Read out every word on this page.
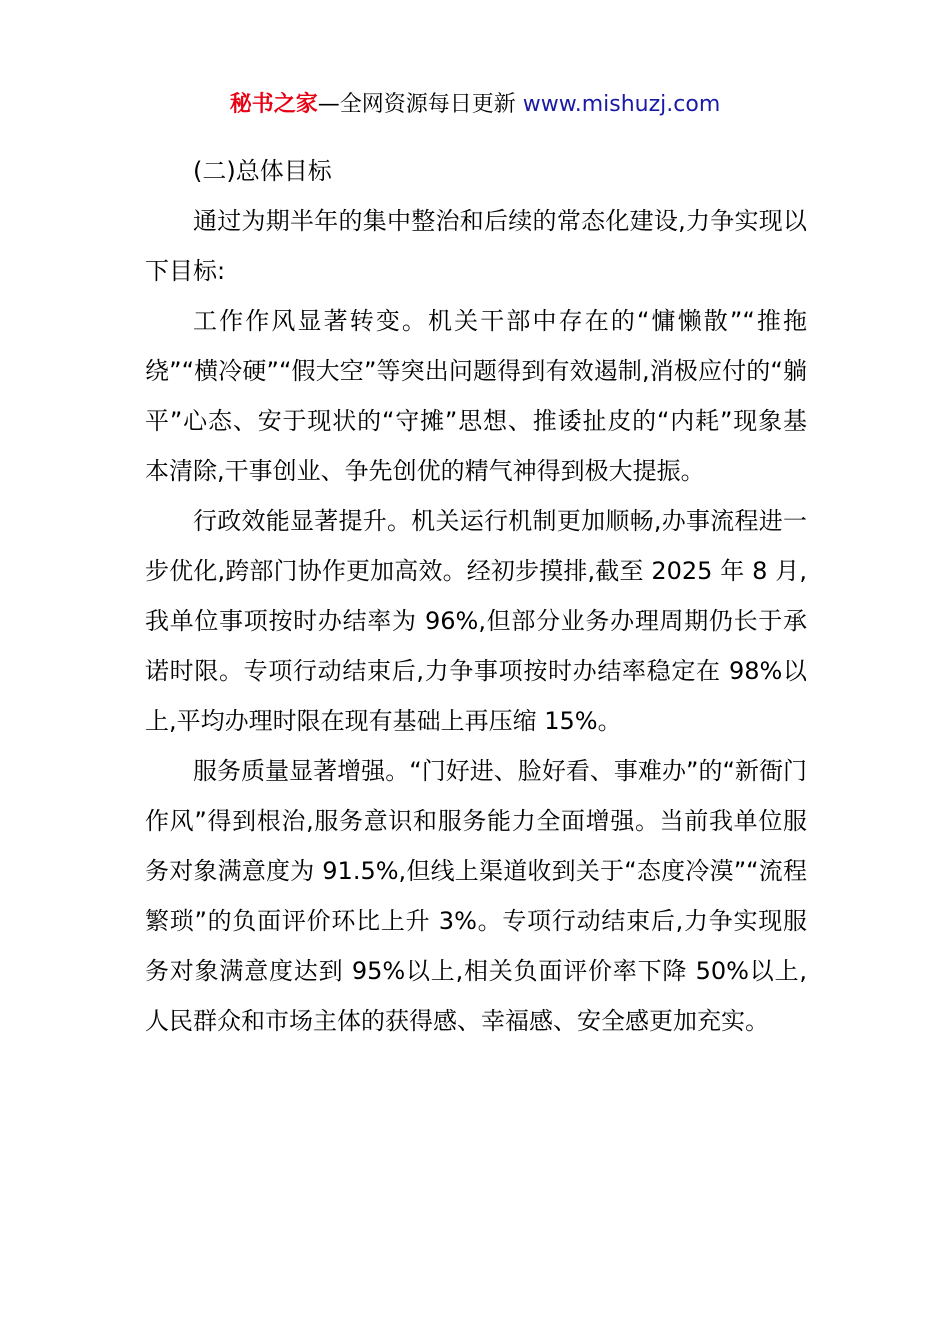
秘书之家—全网资源每日更新 www.mishuzj.com

(二)总体目标

通过为期半年的集中整治和后续的常态化建设,力争实现以下目标:

工作作风显著转变。机关干部中存在的“慵懒散”“推拖绕”“横冷硬”“假大空”等突出问题得到有效遏制,消极应付的“躺平”心态、安于现状的“守摊”思想、推诿扯皮的“内耗”现象基本清除,干事创业、争先创优的精气神得到极大提振。

行政效能显著提升。机关运行机制更加顺畅,办事流程进一步优化,跨部门协作更加高效。经初步摸排,截至 2025 年 8 月,我单位事项按时办结率为 96%,但部分业务办理周期仍长于承诺时限。专项行动结束后,力争事项按时办结率稳定在 98%以上,平均办理时限在现有基础上再压缩 15%。

服务质量显著增强。“门好进、脸好看、事难办”的“新衙门作风”得到根治,服务意识和服务能力全面增强。当前我单位服务对象满意度为 91.5%,但线上渠道收到关于“态度冷漠”“流程繁琐”的负面评价环比上升 3%。专项行动结束后,力争实现服务对象满意度达到 95%以上,相关负面评价率下降 50%以上,人民群众和市场主体的获得感、幸福感、安全感更加充实。
